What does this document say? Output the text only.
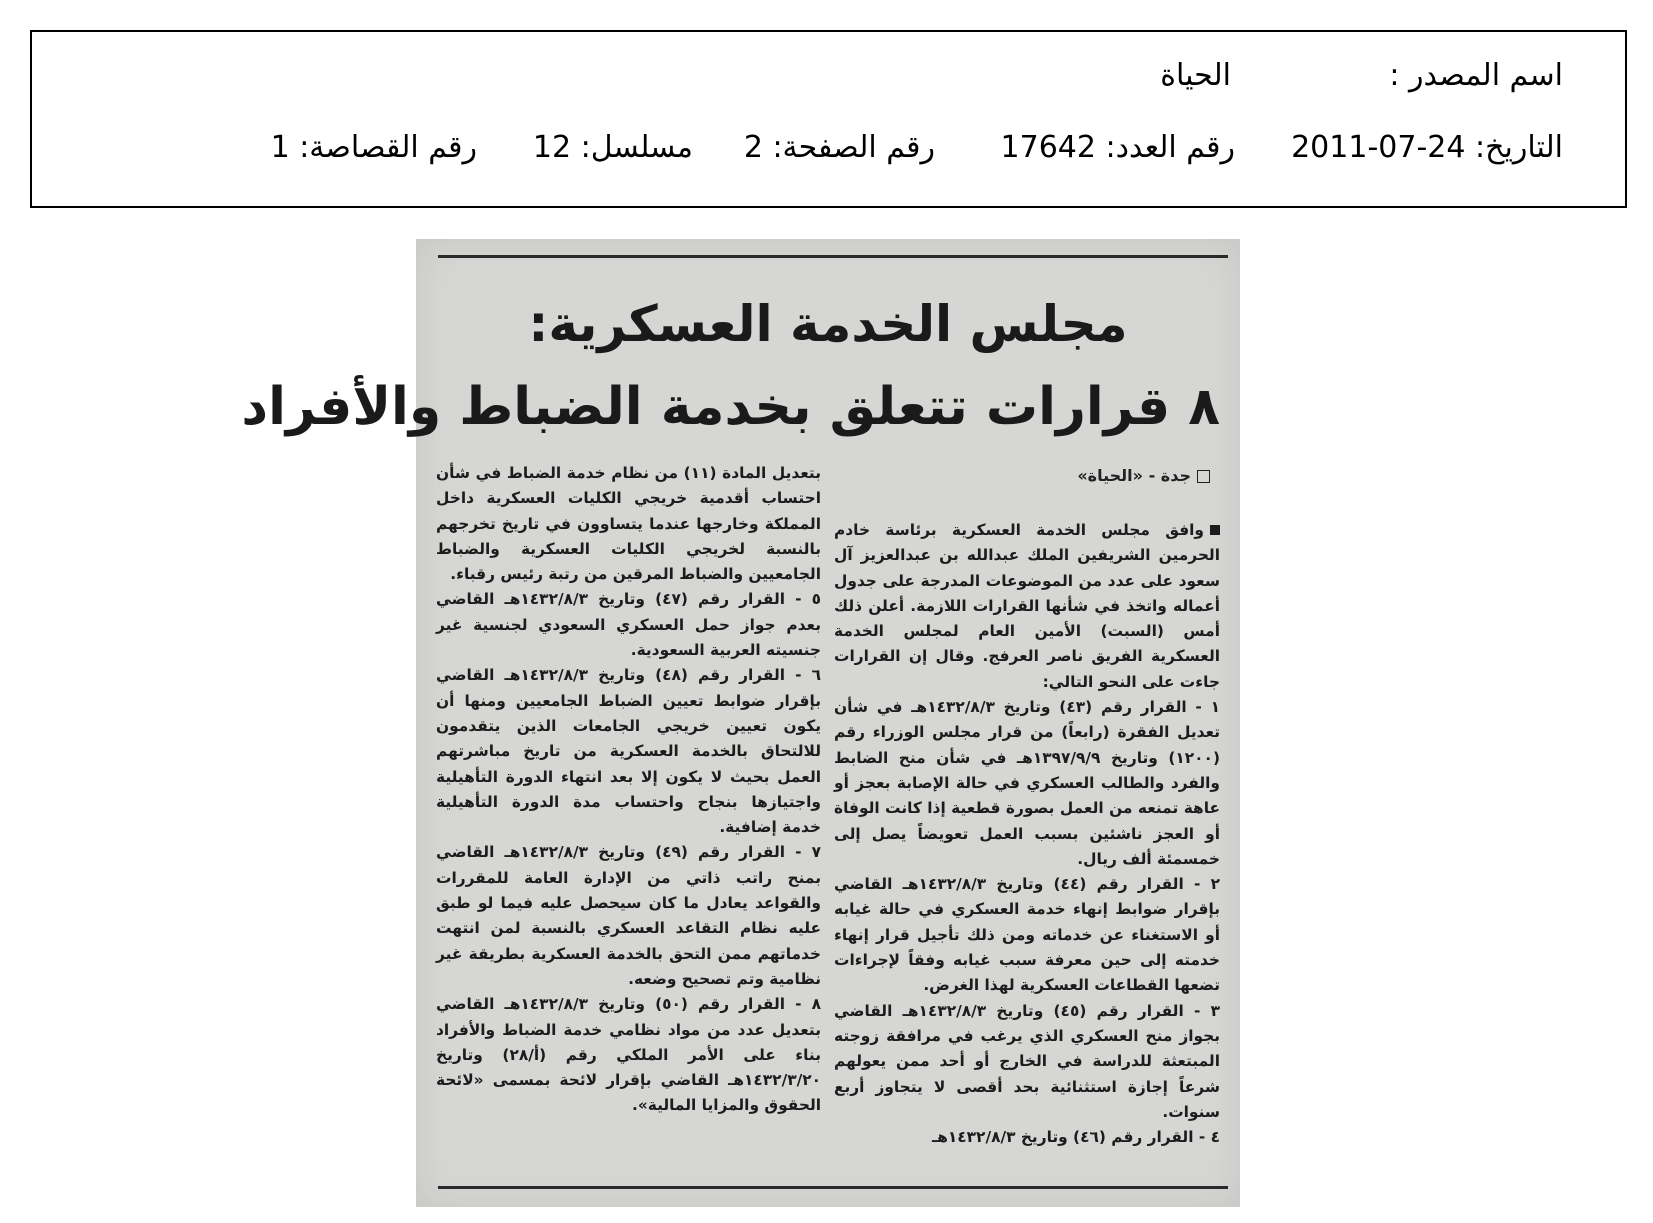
اسم المصدر :
الحياة
التاريخ: 24-07-2011
رقم العدد: 17642
رقم الصفحة: 2
مسلسل: 12
رقم القصاصة: 1
مجلس الخدمة العسكرية:
٨ قرارات تتعلق بخدمة الضباط والأفراد
جدة - «الحياة»

وافق مجلس الخدمة العسكرية برئاسة خادم الحرمين الشريفين الملك عبدالله بن عبدالعزيز آل سعود على عدد من الموضوعات المدرجة على جدول أعماله واتخذ في شأنها القرارات اللازمة. أعلن ذلك أمس (السبت) الأمين العام لمجلس الخدمة العسكرية الفريق ناصر العرفج. وقال إن القرارات جاءت على النحو التالي:

١ - القرار رقم (٤٣) وتاريخ ١٤٣٢/٨/٣هـ في شأن تعديل الفقرة (رابعاً) من قرار مجلس الوزراء رقم (١٢٠٠) وتاريخ ١٣٩٧/٩/٩هـ في شأن منح الضابط والفرد والطالب العسكري في حالة الإصابة بعجز أو عاهة تمنعه من العمل بصورة قطعية إذا كانت الوفاة أو العجز ناشئين بسبب العمل تعويضاً يصل إلى خمسمئة ألف ريال.

٢ - القرار رقم (٤٤) وتاريخ ١٤٣٢/٨/٣هـ القاضي بإقرار ضوابط إنهاء خدمة العسكري في حالة غيابه أو الاستغناء عن خدماته ومن ذلك تأجيل قرار إنهاء خدمته إلى حين معرفة سبب غيابه وفقاً لإجراءات تضعها القطاعات العسكرية لهذا الغرض.

٣ - القرار رقم (٤٥) وتاريخ ١٤٣٢/٨/٣هـ القاضي بجواز منح العسكري الذي يرغب في مرافقة زوجته المبتعثة للدراسة في الخارج أو أحد ممن يعولهم شرعاً إجازة استثنائية بحد أقصى لا يتجاوز أربع سنوات.

٤ - القرار رقم (٤٦) وتاريخ ١٤٣٢/٨/٣هـ

بتعديل المادة (١١) من نظام خدمة الضباط في شأن احتساب أقدمية خريجي الكليات العسكرية داخل المملكة وخارجها عندما يتساوون في تاريخ تخرجهم بالنسبة لخريجي الكليات العسكرية والضباط الجامعيين والضباط المرقين من رتبة رئيس رقباء.

٥ - القرار رقم (٤٧) وتاريخ ١٤٣٢/٨/٣هـ القاضي بعدم جواز حمل العسكري السعودي لجنسية غير جنسيته العربية السعودية.

٦ - القرار رقم (٤٨) وتاريخ ١٤٣٢/٨/٣هـ القاضي بإقرار ضوابط تعيين الضباط الجامعيين ومنها أن يكون تعيين خريجي الجامعات الذين يتقدمون للالتحاق بالخدمة العسكرية من تاريخ مباشرتهم العمل بحيث لا يكون إلا بعد انتهاء الدورة التأهيلية واجتيازها بنجاح واحتساب مدة الدورة التأهيلية خدمة إضافية.

٧ - القرار رقم (٤٩) وتاريخ ١٤٣٢/٨/٣هـ القاضي بمنح راتب ذاتي من الإدارة العامة للمقررات والقواعد يعادل ما كان سيحصل عليه فيما لو طبق عليه نظام التقاعد العسكري بالنسبة لمن انتهت خدماتهم ممن التحق بالخدمة العسكرية بطريقة غير نظامية وتم تصحيح وضعه.

٨ - القرار رقم (٥٠) وتاريخ ١٤٣٢/٨/٣هـ القاضي بتعديل عدد من مواد نظامي خدمة الضباط والأفراد بناء على الأمر الملكي رقم (أ/٢٨) وتاريخ ١٤٣٢/٣/٢٠هـ القاضي بإقرار لائحة بمسمى «لائحة الحقوق والمزايا المالية».
